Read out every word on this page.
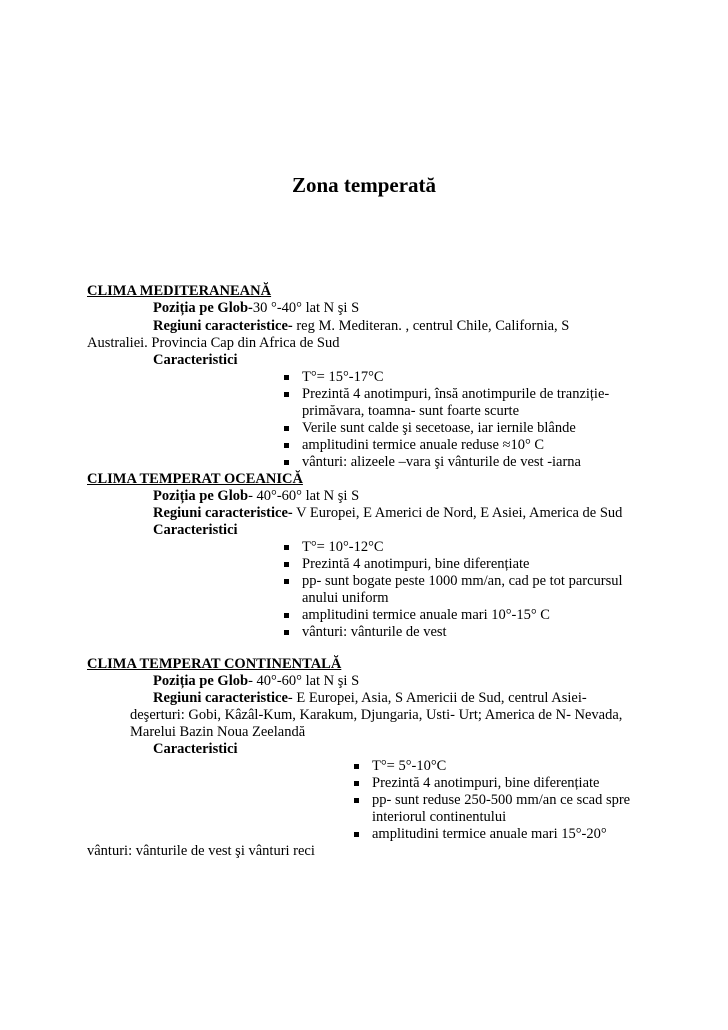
Zona temperată
CLIMA MEDITERANEANĂ
Poziția pe Glob-30 °-40° lat N şi S
Regiuni caracteristice- reg M. Mediteran. , centrul Chile, California, S
Australiei. Provincia Cap din Africa de Sud
Caracteristici
T°= 15°-17°C
Prezintă 4 anotimpuri, însă anotimpurile de tranziție-
primăvara, toamna- sunt foarte scurte
Verile sunt calde şi secetoase, iar iernile blânde
amplitudini termice anuale reduse ≈10° C
vânturi: alizeele –vara şi vânturile de vest -iarna
CLIMA TEMPERAT OCEANICĂ
Poziția pe Glob- 40°-60° lat N şi S
Regiuni caracteristice- V Europei, E Americi de Nord, E Asiei, America de Sud
Caracteristici
T°= 10°-12°C
Prezintă 4 anotimpuri, bine diferențiate
pp- sunt bogate peste 1000 mm/an, cad pe tot parcursul
anului uniform
amplitudini termice anuale mari 10°-15° C
vânturi: vânturile de vest
CLIMA TEMPERAT CONTINENTALĂ
Poziția pe Glob- 40°-60° lat N şi S
Regiuni caracteristice- E Europei, Asia, S Americii de Sud, centrul Asiei-
deşerturi: Gobi, Kâzâl-Kum, Karakum, Djungaria, Usti- Urt; America de N- Nevada,
Marelui Bazin Noua Zeelandă
Caracteristici
T°= 5°-10°C
Prezintă 4 anotimpuri, bine diferențiate
pp- sunt reduse 250-500 mm/an ce scad spre
interiorul continentului
amplitudini termice anuale mari 15°-20°
vânturi: vânturile de vest şi vânturi reci
